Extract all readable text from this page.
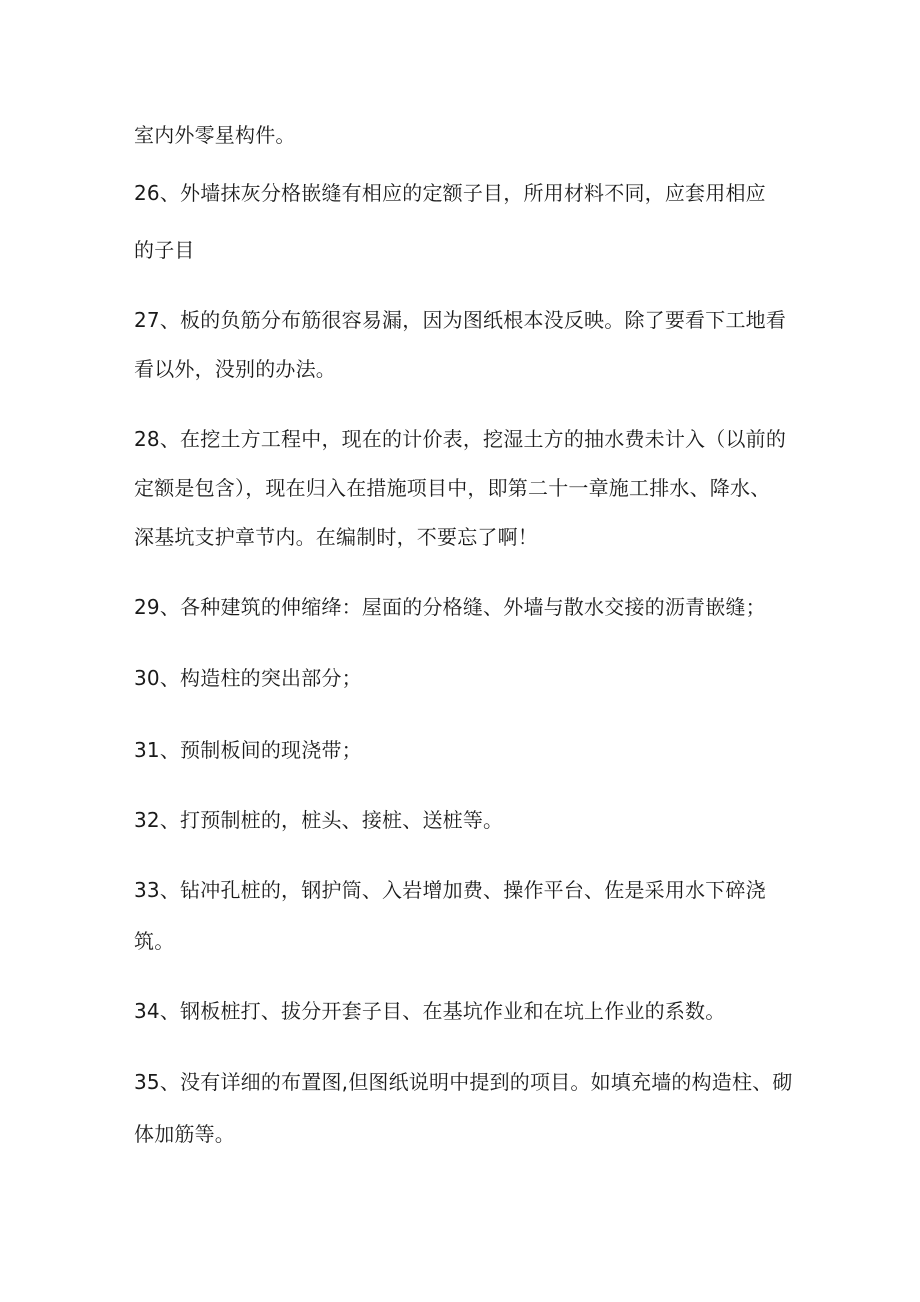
室内外零星构件。
26、外墙抹灰分格嵌缝有相应的定额子目，所用材料不同，应套用相应
的子目
27、板的负筋分布筋很容易漏，因为图纸根本没反映。除了要看下工地看
看以外，没别的办法。
28、在挖土方工程中，现在的计价表，挖湿土方的抽水费未计入（以前的
定额是包含），现在归入在措施项目中，即第二十一章施工排水、降水、
深基坑支护章节内。在编制时，不要忘了啊！
29、各种建筑的伸缩绛：屋面的分格缝、外墙与散水交接的沥青嵌缝；
30、构造柱的突出部分；
31、预制板间的现浇带；
32、打预制桩的，桩头、接桩、送桩等。
33、钻冲孔桩的，钢护筒、入岩增加费、操作平台、佐是采用水下碎浇
筑。
34、钢板桩打、拔分开套子目、在基坑作业和在坑上作业的系数。
35、没有详细的布置图,但图纸说明中提到的项目。如填充墙的构造柱、砌
体加筋等。
